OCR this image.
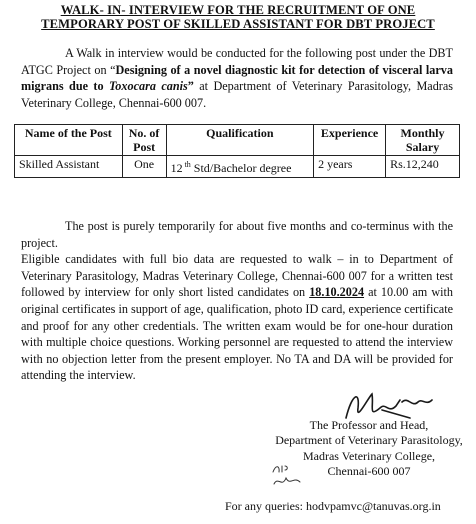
WALK- IN- INTERVIEW FOR THE RECRUITMENT OF ONE
TEMPORARY POST OF SKILLED ASSISTANT FOR DBT PROJECT
A Walk in interview would be conducted for the following post under the DBT ATGC Project on “Designing of a novel diagnostic kit for detection of visceral larva migrans due to Toxocara canis” at Department of Veterinary Parasitology, Madras Veterinary College, Chennai-600 007.
Name of the Post	No. of Post	Qualification	Experience	Monthly Salary
Skilled Assistant	One	12 $^{th}$ Std/Bachelor degree	2 years	Rs.12,240
The post is purely temporarily for about five months and co-terminus with the project.
Eligible candidates with full bio data are requested to walk – in to Department of Veterinary Parasitology, Madras Veterinary College, Chennai-600 007 for a written test followed by interview for only short listed candidates on 18.10.2024 at 10.00 am with original certificates in support of age, qualification, photo ID card, experience certificate and proof for any other credentials. The written exam would be for one-hour duration with multiple choice questions. Working personnel are requested to attend the interview with no objection letter from the present employer. No TA and DA will be provided for attending the interview.
The Professor and Head,
Department of Veterinary Parasitology,
Madras Veterinary College,
Chennai-600 007
For any queries: hodvpamvc@tanuvas.org.in
